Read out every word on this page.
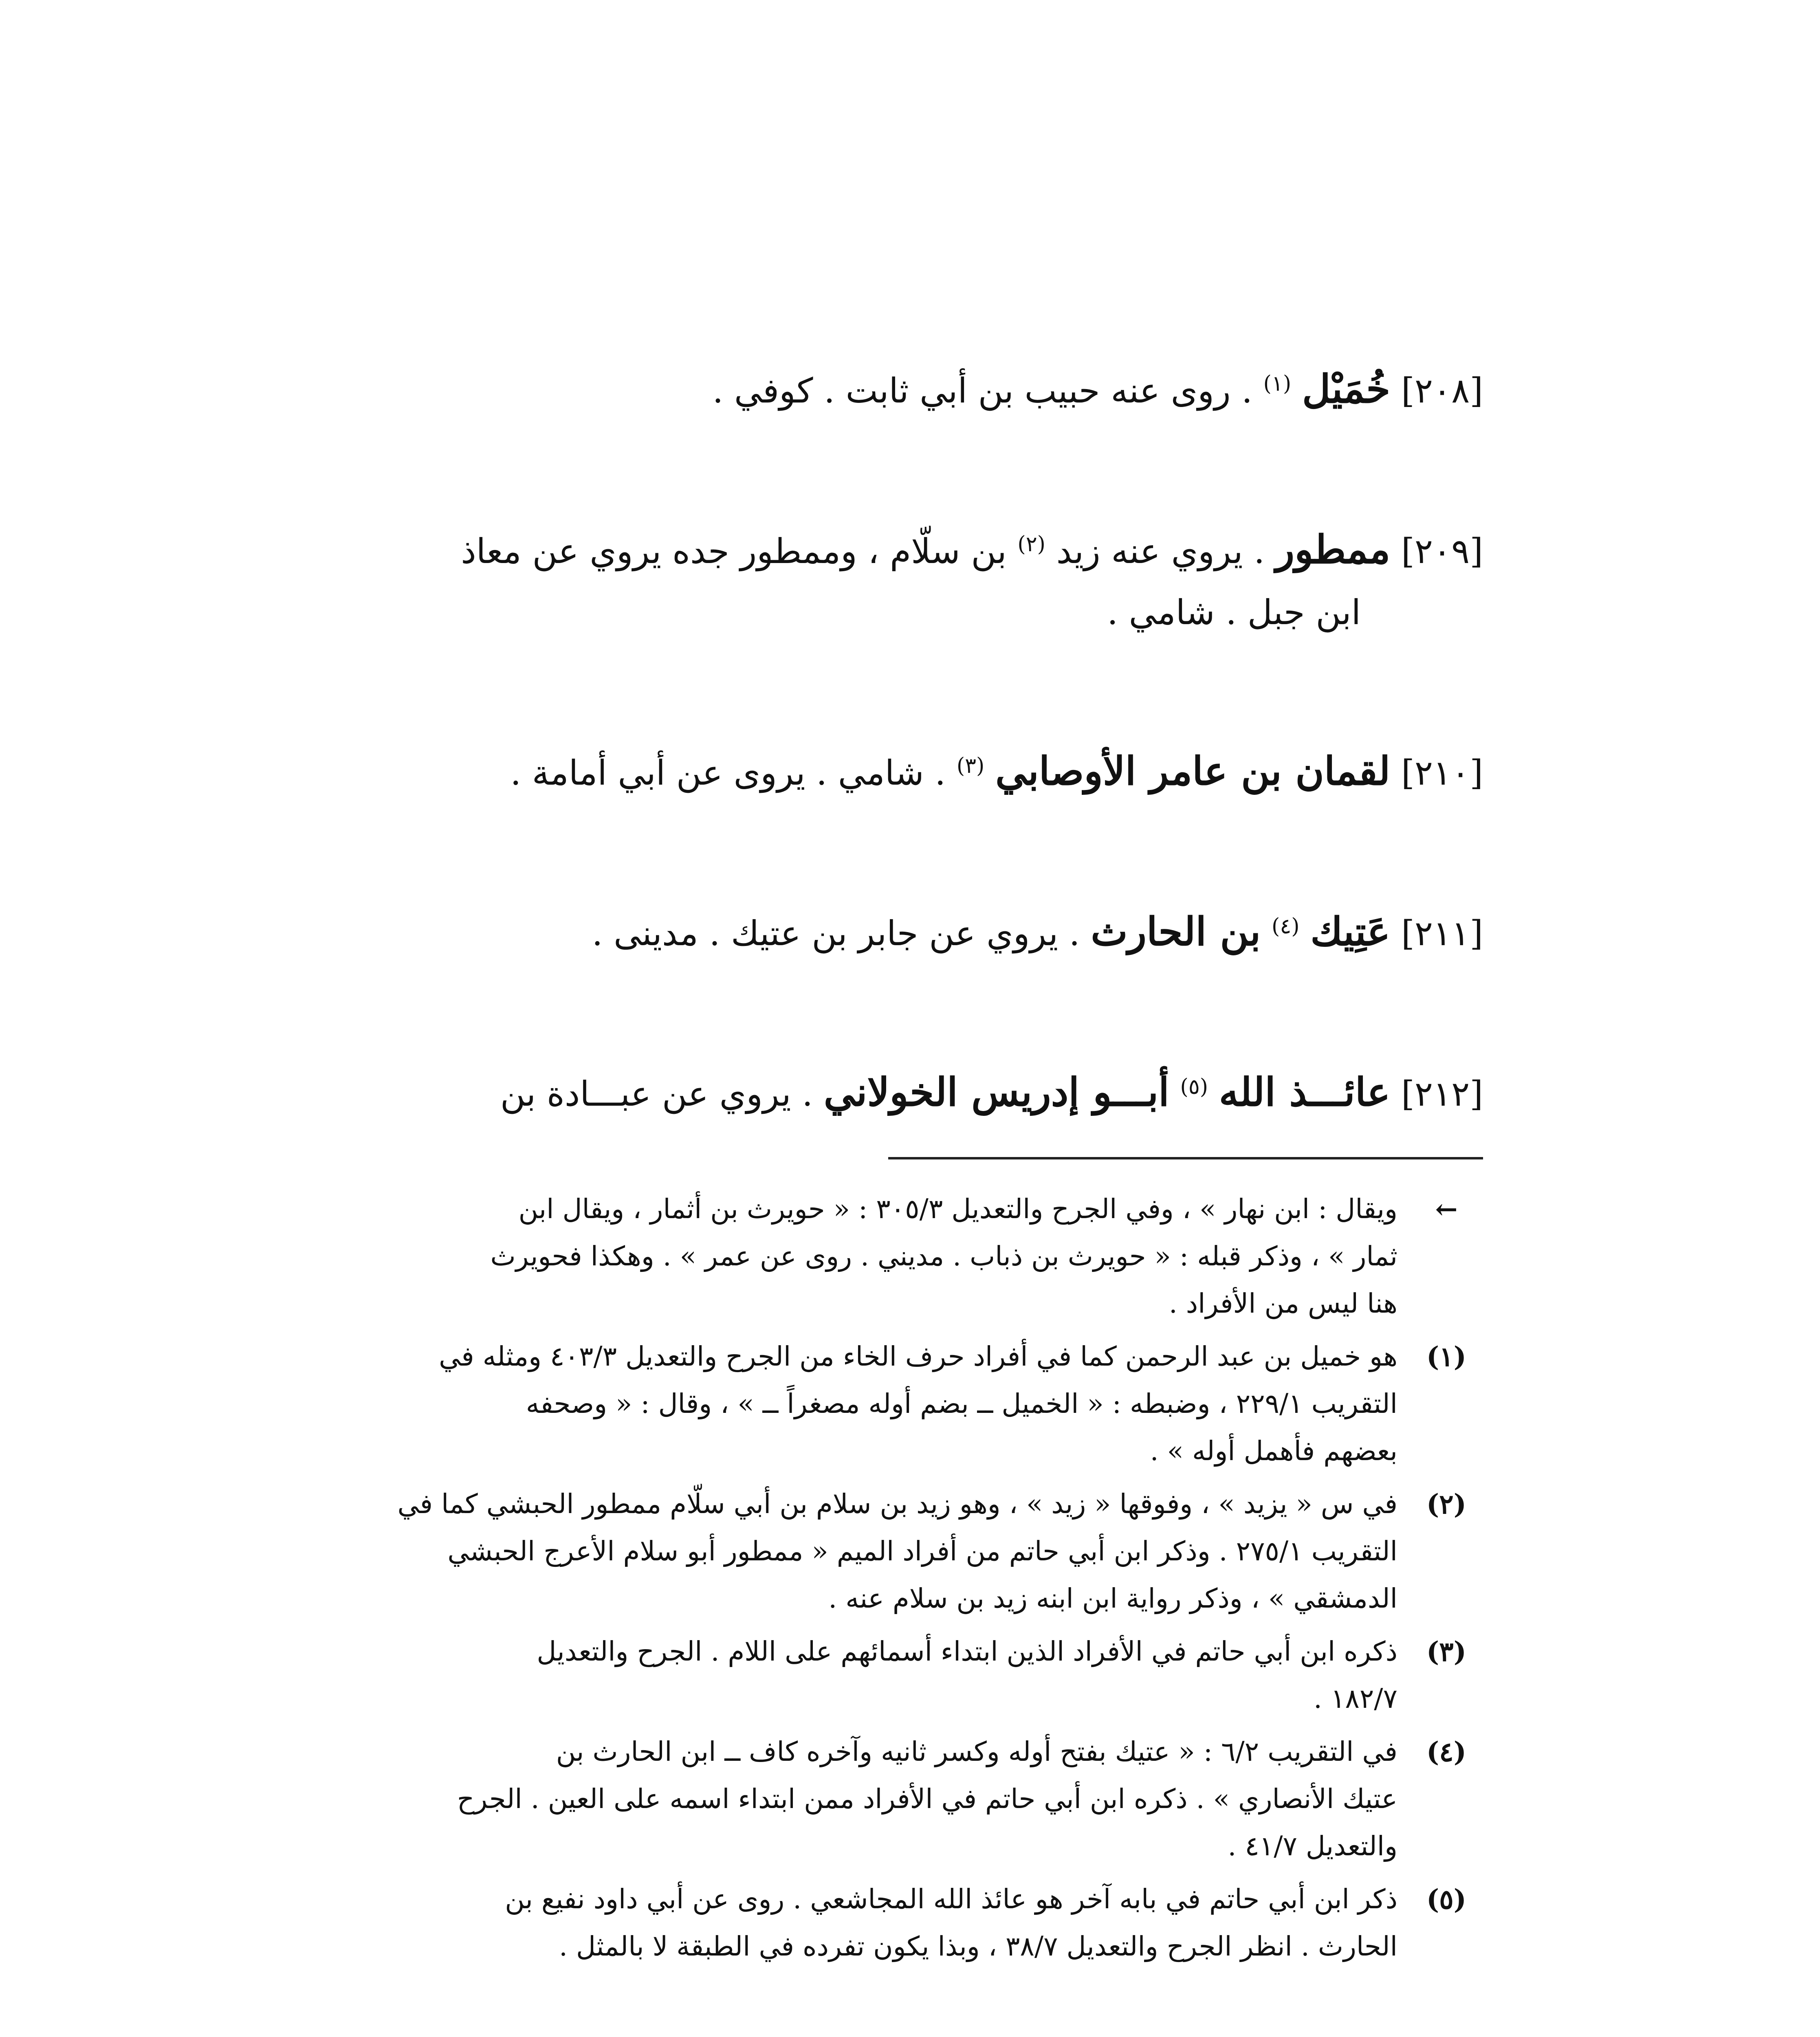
[٢٠٨] خُمَيْل $^{(١)}$ . روى عنه حبيب بن أبي ثابت . كوفي .
[٢٠٩] ممطور . يروي عنه زيد $^{(٢)}$ بن سلّام ، وممطور جده يروي عن معاذ
ابن جبل . شامي .
[٢١٠] لقمان بن عامر الأوصابي $^{(٣)}$ . شامي . يروى عن أبي أمامة .
[٢١١] عَتِيك $^{(٤)}$ بن الحارث . يروي عن جابر بن عتيك . مدينى .
[٢١٢] عائـــذ الله $^{(٥)}$ أبـــو إدريس الخولاني . يروي عن عبـــادة بن
←
ويقال : ابن نهار » ، وفي الجرح والتعديل ٣٠٥/٣ : « حويرث بن أثمار ، ويقال ابن
ثمار » ، وذكر قبله : « حويرث بن ذباب . مديني . روى عن عمر » . وهكذا فحويرث
هنا ليس من الأفراد .
(١)
هو خميل بن عبد الرحمن كما في أفراد حرف الخاء من الجرح والتعديل ٤٠٣/٣ ومثله في
التقريب ٢٢٩/١ ، وضبطه : « الخميل ــ بضم أوله مصغراً ــ » ، وقال : « وصحفه
بعضهم فأهمل أوله » .
(٢)
في س « يزيد » ، وفوقها « زيد » ، وهو زيد بن سلام بن أبي سلّام ممطور الحبشي كما في
التقريب ٢٧٥/١ . وذكر ابن أبي حاتم من أفراد الميم « ممطور أبو سلام الأعرج الحبشي
الدمشقي » ، وذكر رواية ابن ابنه زيد بن سلام عنه .
(٣)
ذكره ابن أبي حاتم في الأفراد الذين ابتداء أسمائهم على اللام . الجرح والتعديل
١٨٢/٧ .
(٤)
في التقريب ٦/٢ : « عتيك بفتح أوله وكسر ثانيه وآخره كاف ــ ابن الحارث بن
عتيك الأنصاري » . ذكره ابن أبي حاتم في الأفراد ممن ابتداء اسمه على العين . الجرح
والتعديل ٤١/٧ .
(٥)
ذكر ابن أبي حاتم في بابه آخر هو عائذ الله المجاشعي . روى عن أبي داود نفيع بن
الحارث . انظر الجرح والتعديل ٣٨/٧ ، وبذا يكون تفرده في الطبقة لا بالمثل .
